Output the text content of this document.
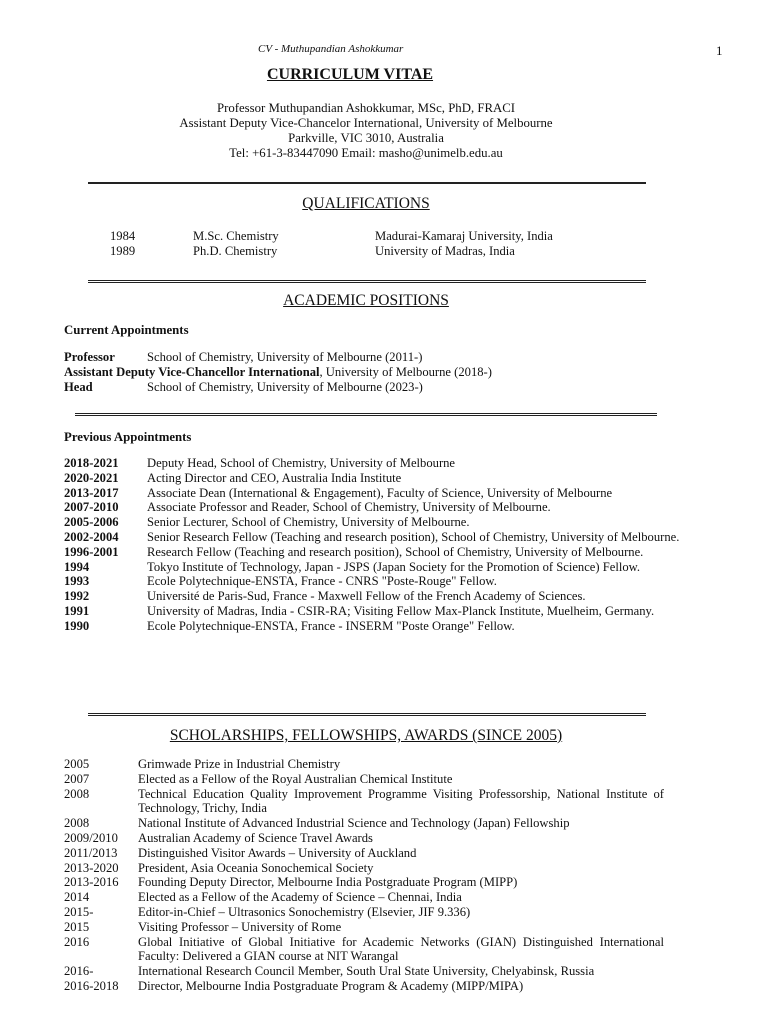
CV - Muthupandian Ashokkumar	1
CURRICULUM VITAE
Professor Muthupandian Ashokkumar, MSc, PhD, FRACI
Assistant Deputy Vice-Chancelor International, University of Melbourne
Parkville, VIC 3010, Australia
Tel: +61-3-83447090 Email: masho@unimelb.edu.au
QUALIFICATIONS
1984	M.Sc. Chemistry	Madurai-Kamaraj University, India
1989	Ph.D. Chemistry	University of Madras, India
ACADEMIC POSITIONS
Current Appointments
Professor	School of Chemistry, University of Melbourne (2011-)
Assistant Deputy Vice-Chancellor International, University of Melbourne (2018-)
Head	School of Chemistry, University of Melbourne (2023-)
Previous Appointments
2018-2021	Deputy Head, School of Chemistry, University of Melbourne
2020-2021	Acting Director and CEO, Australia India Institute
2013-2017	Associate Dean (International & Engagement), Faculty of Science, University of Melbourne
2007-2010	Associate Professor and Reader, School of Chemistry, University of Melbourne.
2005-2006	Senior Lecturer, School of Chemistry, University of Melbourne.
2002-2004	Senior Research Fellow (Teaching and research position), School of Chemistry, University of Melbourne.
1996-2001	Research Fellow (Teaching and research position), School of Chemistry, University of Melbourne.
1994	Tokyo Institute of Technology, Japan - JSPS (Japan Society for the Promotion of Science) Fellow.
1993	Ecole Polytechnique-ENSTA, France - CNRS "Poste-Rouge" Fellow.
1992	Université de Paris-Sud, France - Maxwell Fellow of the French Academy of Sciences.
1991	University of Madras, India - CSIR-RA; Visiting Fellow Max-Planck Institute, Muelheim, Germany.
1990	Ecole Polytechnique-ENSTA, France - INSERM "Poste Orange" Fellow.
SCHOLARSHIPS, FELLOWSHIPS, AWARDS (SINCE 2005)
2005	Grimwade Prize in Industrial Chemistry
2007	Elected as a Fellow of the Royal Australian Chemical Institute
2008	Technical Education Quality Improvement Programme Visiting Professorship, National Institute of Technology, Trichy, India
2008	National Institute of Advanced Industrial Science and Technology (Japan) Fellowship
2009/2010	Australian Academy of Science Travel Awards
2011/2013	Distinguished Visitor Awards – University of Auckland
2013-2020	President, Asia Oceania Sonochemical Society
2013-2016	Founding Deputy Director, Melbourne India Postgraduate Program (MIPP)
2014	Elected as a Fellow of the Academy of Science – Chennai, India
2015-	Editor-in-Chief – Ultrasonics Sonochemistry (Elsevier, JIF 9.336)
2015	Visiting Professor – University of Rome
2016	Global Initiative of Global Initiative for Academic Networks (GIAN) Distinguished International Faculty: Delivered a GIAN course at NIT Warangal
2016-	International Research Council Member, South Ural State University, Chelyabinsk, Russia
2016-2018	Director, Melbourne India Postgraduate Program & Academy (MIPP/MIPA)
